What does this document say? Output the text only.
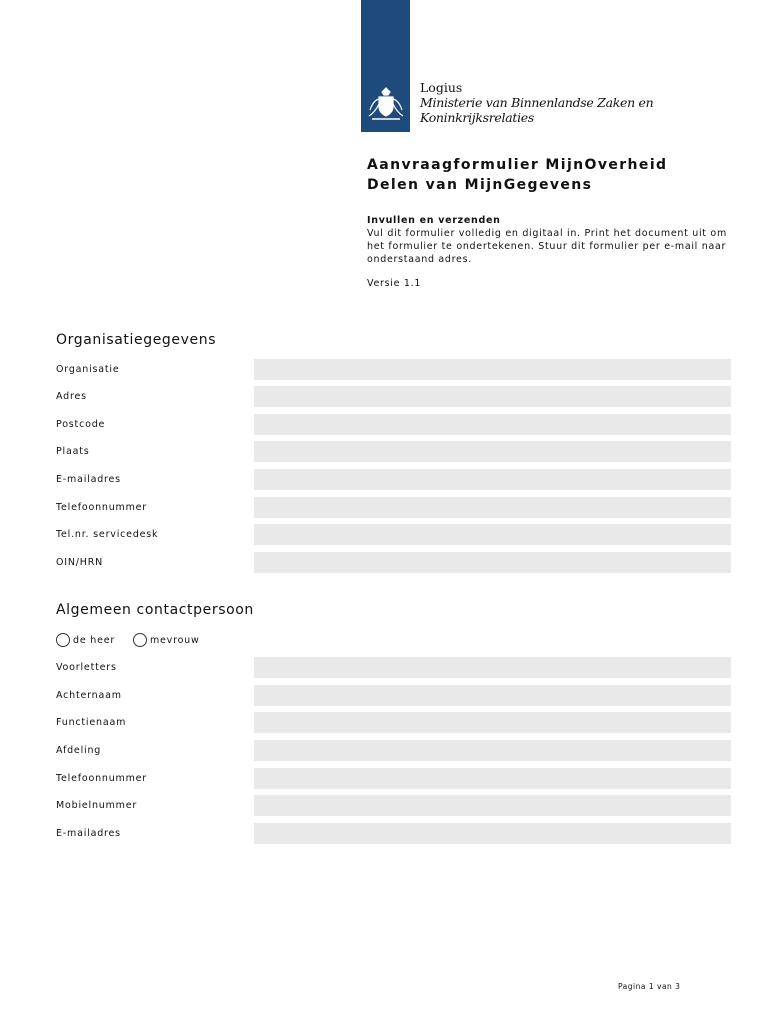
Logius
Ministerie van Binnenlandse Zaken en
Koninkrijksrelaties
Aanvraagformulier MijnOverheid
Delen van MijnGegevens
Invullen en verzenden
Vul dit formulier volledig en digitaal in. Print het document uit om het formulier te ondertekenen. Stuur dit formulier per e-mail naar onderstaand adres.
Versie 1.1
Organisatiegegevens
Organisatie
Adres
Postcode
Plaats
E-mailadres
Telefoonnummer
Tel.nr. servicedesk
OIN/HRN
Algemeen contactpersoon
de heer	mevrouw
Voorletters
Achternaam
Functienaam
Afdeling
Telefoonnummer
Mobielnummer
E-mailadres
Pagina 1 van 3
